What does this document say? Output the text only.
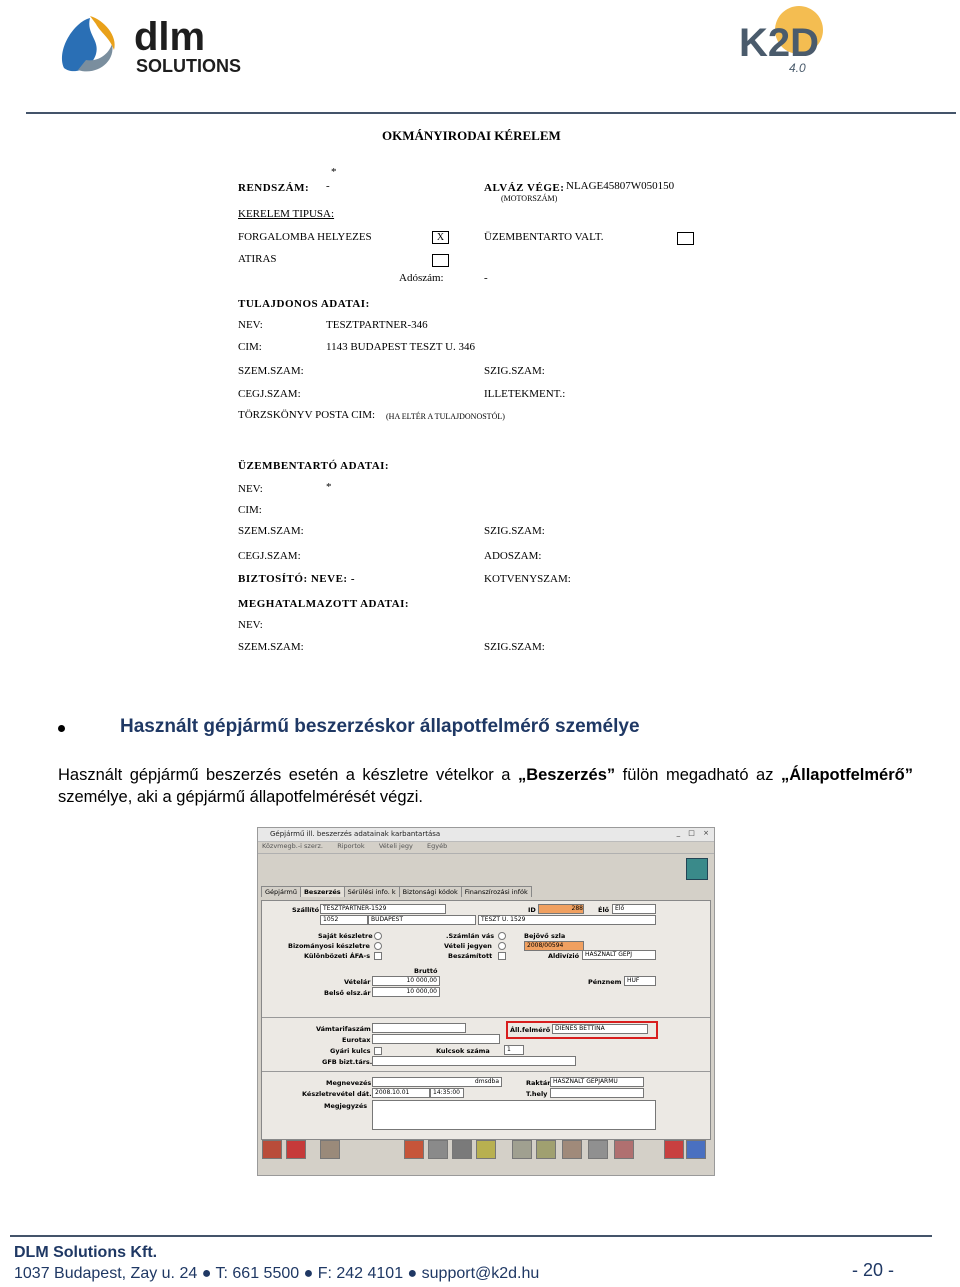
dlm
SOLUTIONS
K2D
4.0
OKMÁNYIRODAI KÉRELEM
*
RENDSZÁM: -	ALVÁZ VÉGE: NLAGE45807W050150
(MOTORSZÁM)
KERELEM TIPUSA:
FORGALOMBA HELYEZES	X	ÜZEMBENTARTO VALT.
ATIRAS
Adószám:	-
TULAJDONOS ADATAI:
NEV:	TESZTPARTNER-346
CIM:	1143 BUDAPEST TESZT U. 346
SZEM.SZAM:	SZIG.SZAM:
CEGJ.SZAM:	ILLETEKMENT.:
TÖRZSKÖNYV POSTA CIM: (HA ELTÉR A TULAJDONOSTÓL)
ÜZEMBENTARTÓ ADATAI:
NEV:	*
CIM:
SZEM.SZAM:	SZIG.SZAM:
CEGJ.SZAM:	ADOSZAM:
BIZTOSÍTÓ: NEVE: -	KOTVENYSZAM:
MEGHATALMAZOTT ADATAI:
NEV:
SZEM.SZAM:	SZIG.SZAM:
Használt gépjármű beszerzéskor állapotfelmérő személye
Használt gépjármű beszerzés esetén a készletre vételkor a „Beszerzés” fülön megadható az „Állapotfelmérő” személye, aki a gépjármű állapotfelmérését végzi.
Gépjármű ill. beszerzés adatainak karbantartása	_ □ ×
Közvmegb.-i szerz. Riportok Vételi jegy Egyéb
Gépjármű Beszerzés Sérülési info. k Biztonsági kódok Finanszírozási infók
Szállító TESZTPARTNER-1529
1052	BUDAPEST	TESZT U. 1529
ID	288 Élő Élő
Saját készletre
Bizományosi készletre
Különbözeti ÁFA-s
.Számlán vás
Vételi jegyen
Beszámított
Bejövő szla
2008/00594
Aldivízió HASZNÁLT GÉPJ
Bruttó
Vételár	10 000,00
Belső elsz.ár	10 000,00
Pénznem HUF
Vámtarifaszám
Eurotax
Gyári kulcs	Kulcsok száma	1
GFB bizt.társ.
Áll.felmérő DIENES BETTINA
Megnevezés	dmsdba
Készletrevétel dát. 2008.10.01	14:35:00
Megjegyzés
Raktár HASZNÁLT GÉPJÁRMŰ
T.hely
DLM Solutions Kft.
1037 Budapest, Zay u. 24 ● T: 661 5500 ● F: 242 4101 ● support@k2d.hu	- 20 -
